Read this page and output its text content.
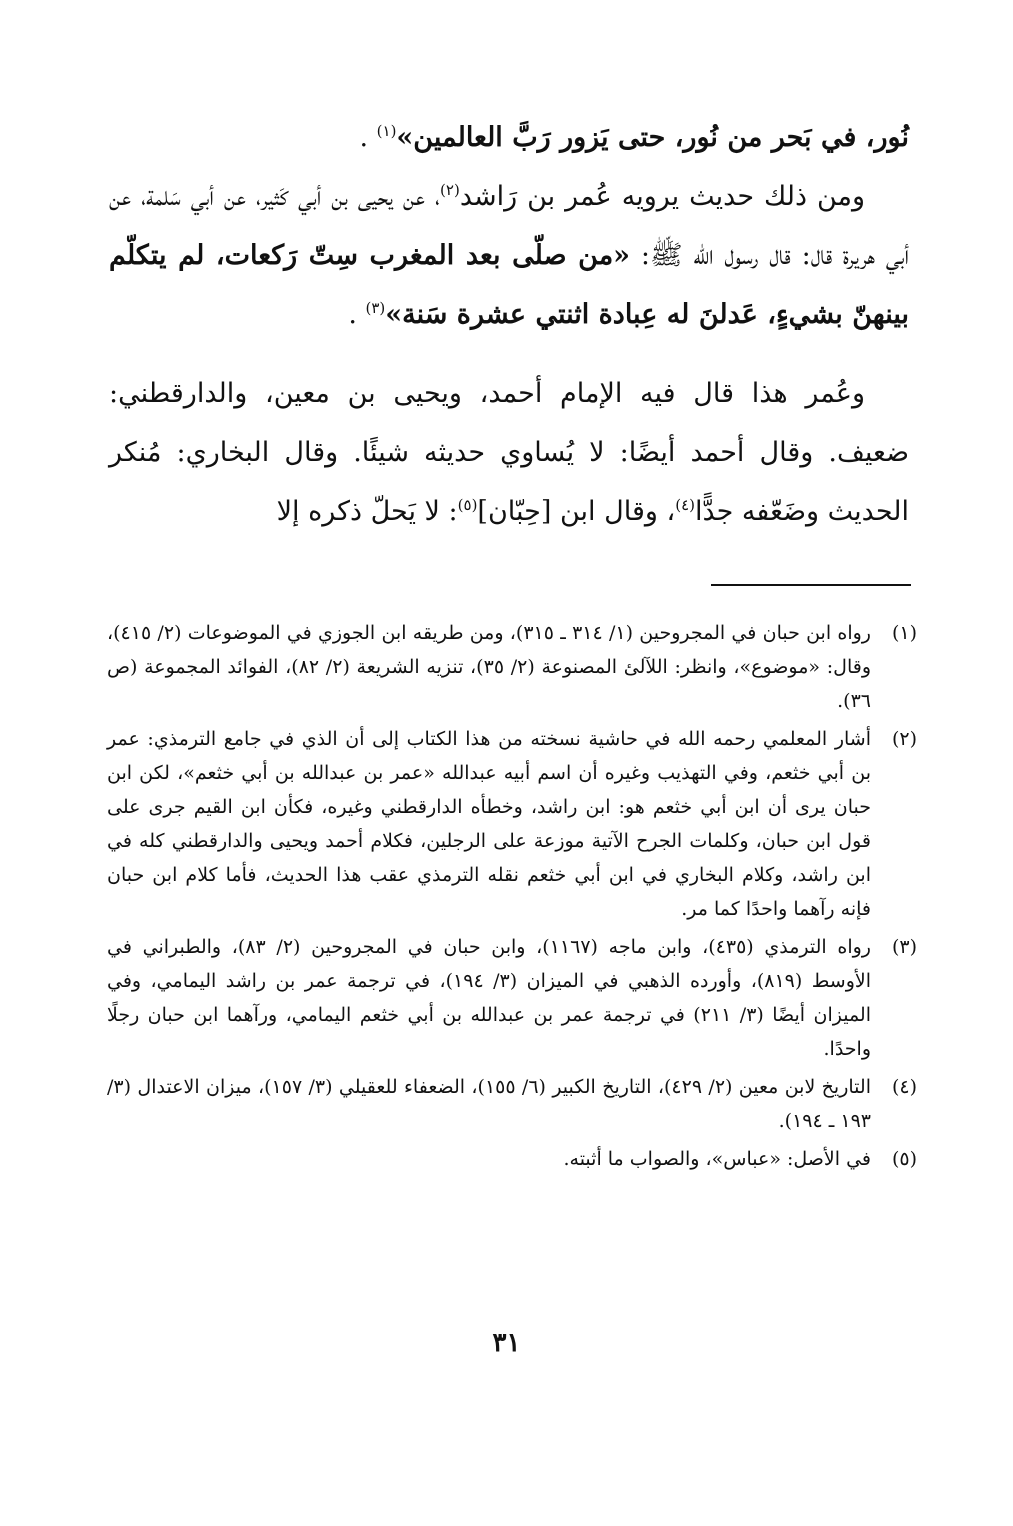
نُور، في بَحر من نُور، حتى يَزور رَبَّ العالمين»$^{(١)}$ .

ومن ذلك حديث يرويه عُمر بن رَاشد$^{(٢)}$، عن يحيى بن أبي كَثير، عن أبي سَلمة، عن أبي هريرة قال: قال رسول الله ﷺ: «من صلّى بعد المغرب سِتّ رَكعات، لم يتكلّم بينهنّ بشيءٍ، عَدلنَ له عِبادة اثنتي عشرة سَنة»$^{(٣)}$ .

وعُمر هذا قال فيه الإمام أحمد، ويحيى بن معين، والدارقطني: ضعيف. وقال أحمد أيضًا: لا يُساوي حديثه شيئًا. وقال البخاري: مُنكر الحديث وضَعّفه جدًّا$^{(٤)}$، وقال ابن [حِبّان]$^{(٥)}$: لا يَحلّ ذكره إلا

(١)
رواه ابن حبان في المجروحين (١/ ٣١٤ ـ ٣١٥)، ومن طريقه ابن الجوزي في الموضوعات (٢/ ٤١٥)، وقال: «موضوع»، وانظر: اللآلئ المصنوعة (٢/ ٣٥)، تنزيه الشريعة (٢/ ٨٢)، الفوائد المجموعة (ص ٣٦).
(٢)
أشار المعلمي رحمه الله في حاشية نسخته من هذا الكتاب إلى أن الذي في جامع الترمذي: عمر بن أبي خثعم، وفي التهذيب وغيره أن اسم أبيه عبدالله «عمر بن عبدالله بن أبي خثعم»، لكن ابن حبان يرى أن ابن أبي خثعم هو: ابن راشد، وخطأه الدارقطني وغيره، فكأن ابن القيم جرى على قول ابن حبان، وكلمات الجرح الآتية موزعة على الرجلين، فكلام أحمد ويحيى والدارقطني كله في ابن راشد، وكلام البخاري في ابن أبي خثعم نقله الترمذي عقب هذا الحديث، فأما كلام ابن حبان فإنه رآهما واحدًا كما مر.
(٣)
رواه الترمذي (٤٣٥)، وابن ماجه (١١٦٧)، وابن حبان في المجروحين (٢/ ٨٣)، والطبراني في الأوسط (٨١٩)، وأورده الذهبي في الميزان (٣/ ١٩٤)، في ترجمة عمر بن راشد اليمامي، وفي الميزان أيضًا (٣/ ٢١١) في ترجمة عمر بن عبدالله بن أبي خثعم اليمامي، ورآهما ابن حبان رجلًا واحدًا.
(٤)
التاريخ لابن معين (٢/ ٤٢٩)، التاريخ الكبير (٦/ ١٥٥)، الضعفاء للعقيلي (٣/ ١٥٧)، ميزان الاعتدال (٣/ ١٩٣ ـ ١٩٤).
(٥)
في الأصل: «عباس»، والصواب ما أثبته.
٣١
